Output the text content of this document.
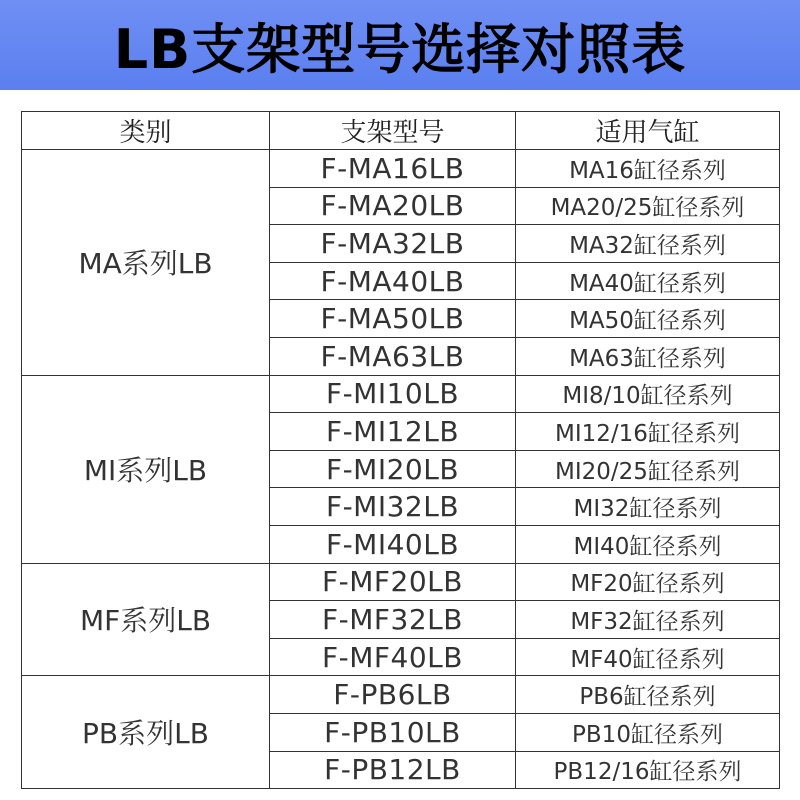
LB支架型号选择对照表
类别	支架型号	适用气缸
MA系列LB	F-MA16LB	MA16缸径系列
	F-MA20LB	MA20/25缸径系列
	F-MA32LB	MA32缸径系列
	F-MA40LB	MA40缸径系列
	F-MA50LB	MA50缸径系列
	F-MA63LB	MA63缸径系列
MI系列LB	F-MI10LB	MI8/10缸径系列
	F-MI12LB	MI12/16缸径系列
	F-MI20LB	MI20/25缸径系列
	F-MI32LB	MI32缸径系列
	F-MI40LB	MI40缸径系列
MF系列LB	F-MF20LB	MF20缸径系列
	F-MF32LB	MF32缸径系列
	F-MF40LB	MF40缸径系列
PB系列LB	F-PB6LB	PB6缸径系列
	F-PB10LB	PB10缸径系列
	F-PB12LB	PB12/16缸径系列
